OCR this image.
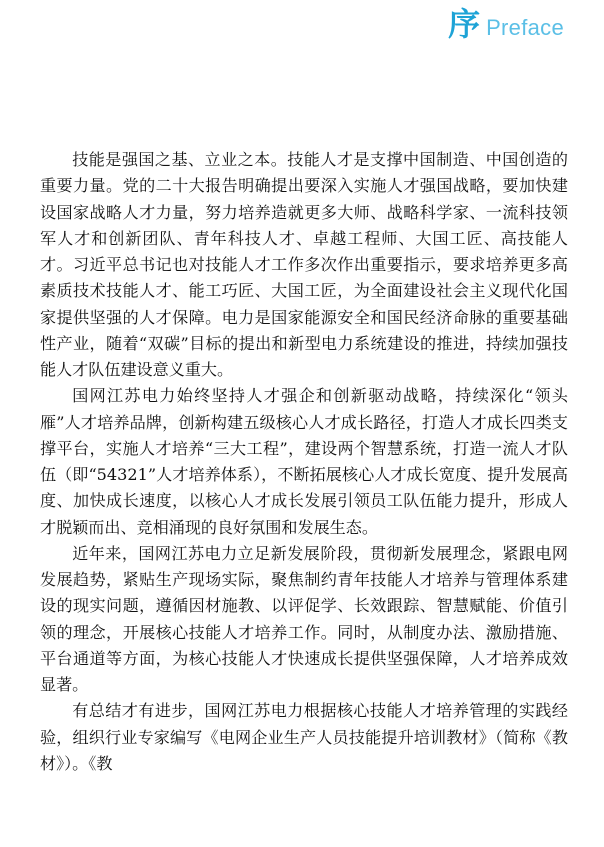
序 Preface

技能是强国之基、立业之本。技能人才是支撑中国制造、中国创造的重要力量。党的二十大报告明确提出要深入实施人才强国战略，要加快建设国家战略人才力量，努力培养造就更多大师、战略科学家、一流科技领军人才和创新团队、青年科技人才、卓越工程师、大国工匠、高技能人才。习近平总书记也对技能人才工作多次作出重要指示，要求培养更多高素质技术技能人才、能工巧匠、大国工匠，为全面建设社会主义现代化国家提供坚强的人才保障。电力是国家能源安全和国民经济命脉的重要基础性产业，随着“双碳”目标的提出和新型电力系统建设的推进，持续加强技能人才队伍建设意义重大。

国网江苏电力始终坚持人才强企和创新驱动战略，持续深化“领头雁”人才培养品牌，创新构建五级核心人才成长路径，打造人才成长四类支撑平台，实施人才培养“三大工程”，建设两个智慧系统，打造一流人才队伍（即“54321”人才培养体系），不断拓展核心人才成长宽度、提升发展高度、加快成长速度，以核心人才成长发展引领员工队伍能力提升，形成人才脱颖而出、竞相涌现的良好氛围和发展生态。

近年来，国网江苏电力立足新发展阶段，贯彻新发展理念，紧跟电网发展趋势，紧贴生产现场实际，聚焦制约青年技能人才培养与管理体系建设的现实问题，遵循因材施教、以评促学、长效跟踪、智慧赋能、价值引领的理念，开展核心技能人才培养工作。同时，从制度办法、激励措施、平台通道等方面，为核心技能人才快速成长提供坚强保障，人才培养成效显著。

有总结才有进步，国网江苏电力根据核心技能人才培养管理的实践经验，组织行业专家编写《电网企业生产人员技能提升培训教材》（简称《教材》）。《教
